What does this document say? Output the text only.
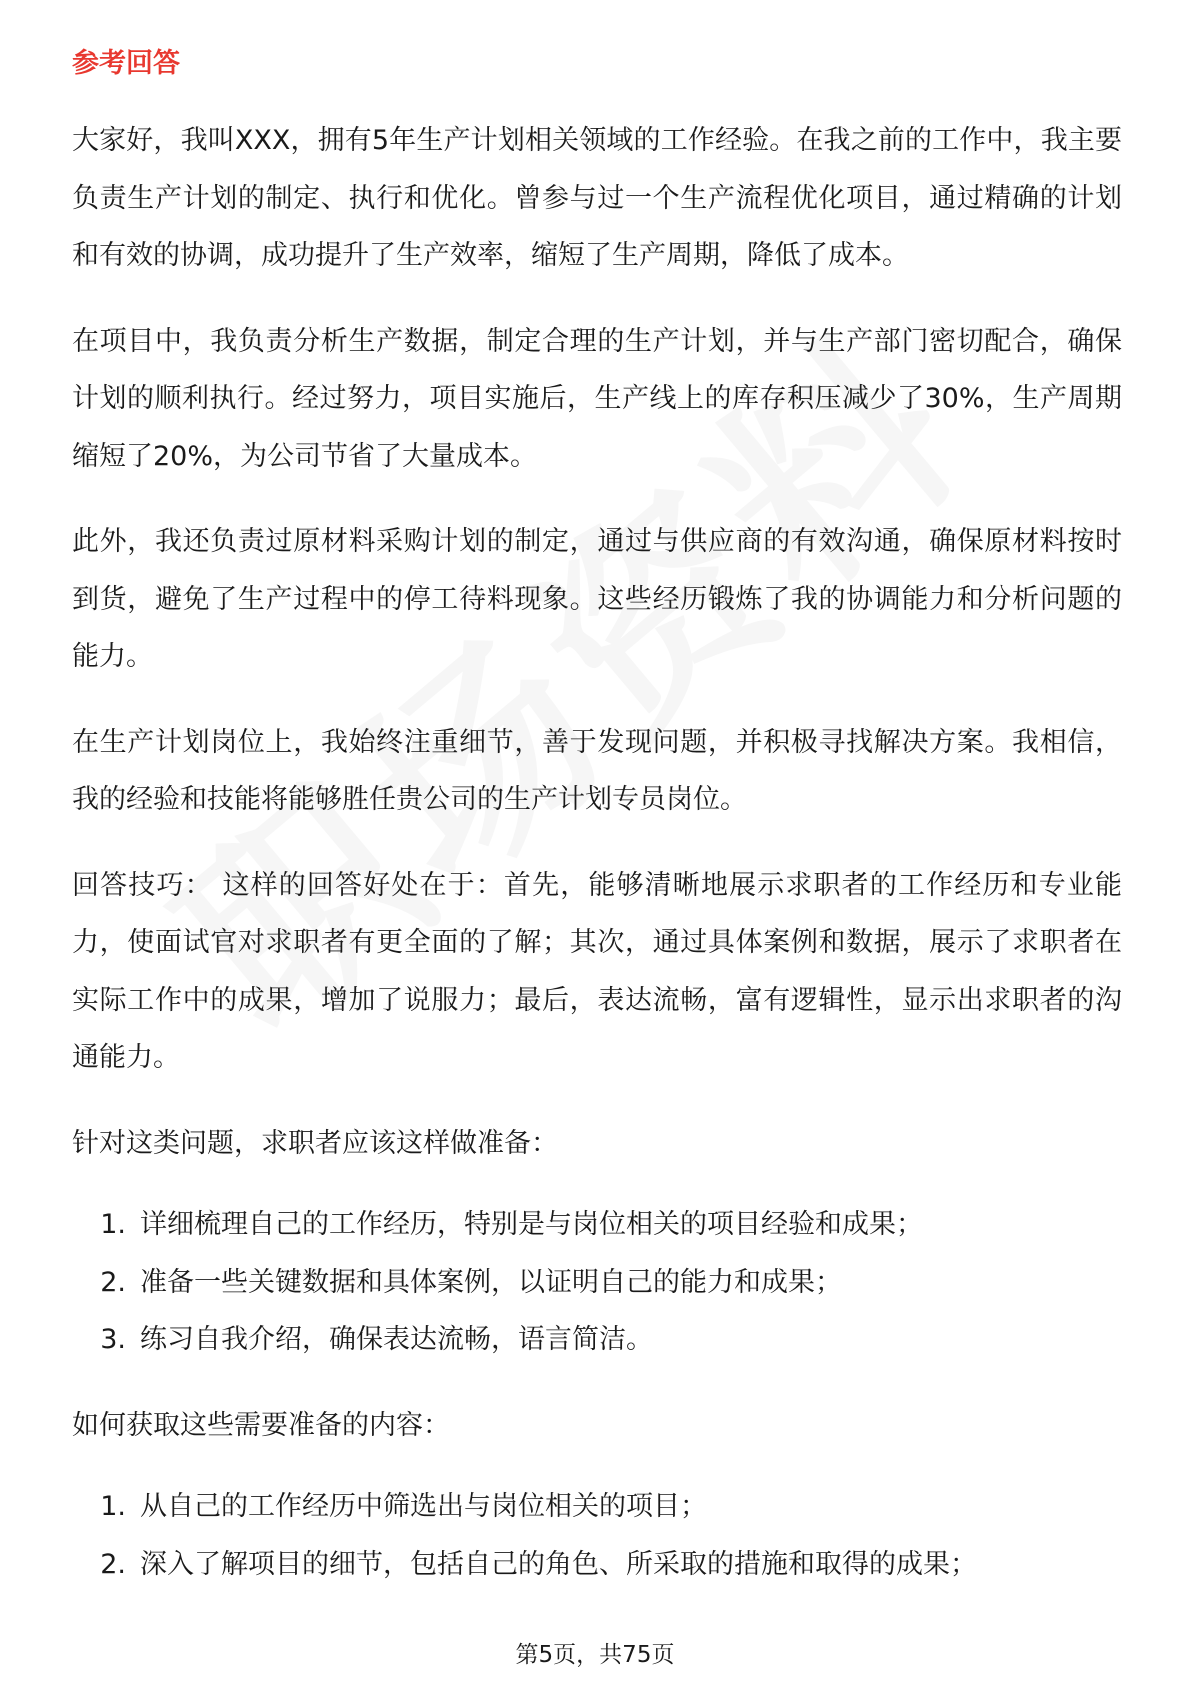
参考回答

大家好，我叫XXX，拥有5年生产计划相关领域的工作经验。在我之前的工作中，我主要负责生产计划的制定、执行和优化。曾参与过一个生产流程优化项目，通过精确的计划和有效的协调，成功提升了生产效率，缩短了生产周期，降低了成本。

在项目中，我负责分析生产数据，制定合理的生产计划，并与生产部门密切配合，确保计划的顺利执行。经过努力，项目实施后，生产线上的库存积压减少了30%，生产周期缩短了20%，为公司节省了大量成本。

此外，我还负责过原材料采购计划的制定，通过与供应商的有效沟通，确保原材料按时到货，避免了生产过程中的停工待料现象。这些经历锻炼了我的协调能力和分析问题的能力。

在生产计划岗位上，我始终注重细节，善于发现问题，并积极寻找解决方案。我相信，我的经验和技能将能够胜任贵公司的生产计划专员岗位。

回答技巧： 这样的回答好处在于：首先，能够清晰地展示求职者的工作经历和专业能力，使面试官对求职者有更全面的了解；其次，通过具体案例和数据，展示了求职者在实际工作中的成果，增加了说服力；最后，表达流畅，富有逻辑性，显示出求职者的沟通能力。

针对这类问题，求职者应该这样做准备：

1. 详细梳理自己的工作经历，特别是与岗位相关的项目经验和成果；
2. 准备一些关键数据和具体案例，以证明自己的能力和成果；
3. 练习自我介绍，确保表达流畅，语言简洁。

如何获取这些需要准备的内容：

1. 从自己的工作经历中筛选出与岗位相关的项目；
2. 深入了解项目的细节，包括自己的角色、所采取的措施和取得的成果；
第5页，共75页
